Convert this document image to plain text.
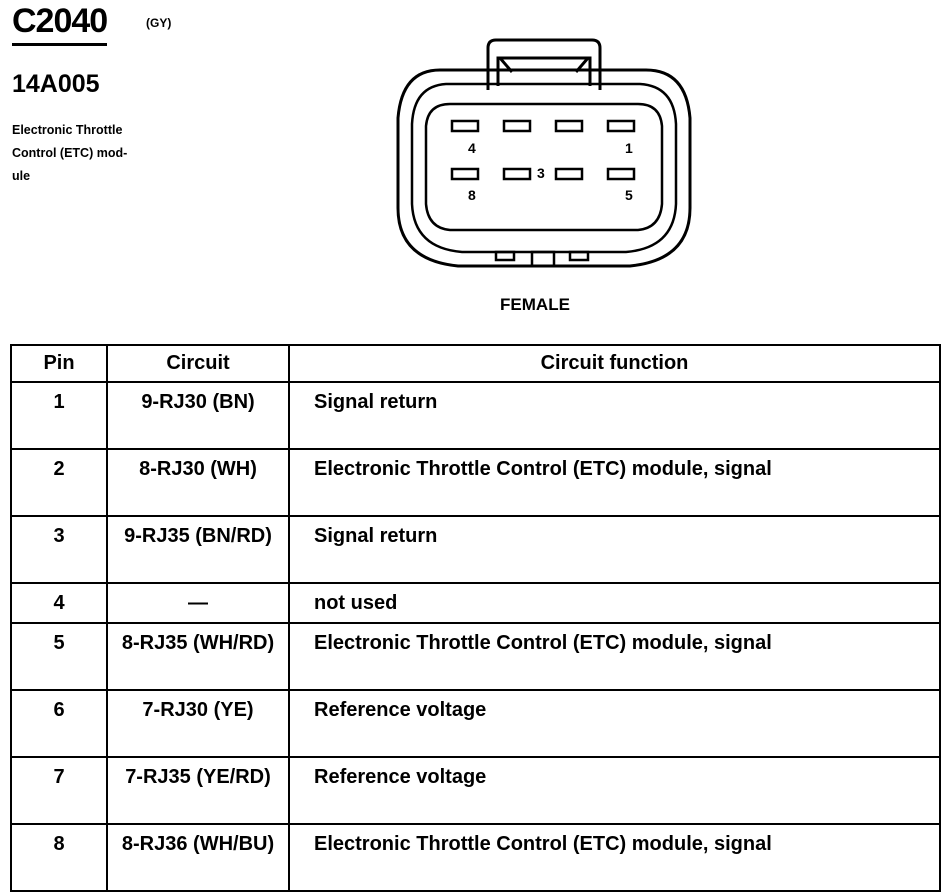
C2040	(GY)
14A005
Electronic Throttle
Control (ETC) mod-
ule
4	1
3
8	5
FEMALE
Pin	Circuit	Circuit function
1	9-RJ30 (BN)	Signal return
2	8-RJ30 (WH)	Electronic Throttle Control (ETC) module, signal
3	9-RJ35 (BN/RD)	Signal return
4	—	not used
5	8-RJ35 (WH/RD)	Electronic Throttle Control (ETC) module, signal
6	7-RJ30 (YE)	Reference voltage
7	7-RJ35 (YE/RD)	Reference voltage
8	8-RJ36 (WH/BU)	Electronic Throttle Control (ETC) module, signal
